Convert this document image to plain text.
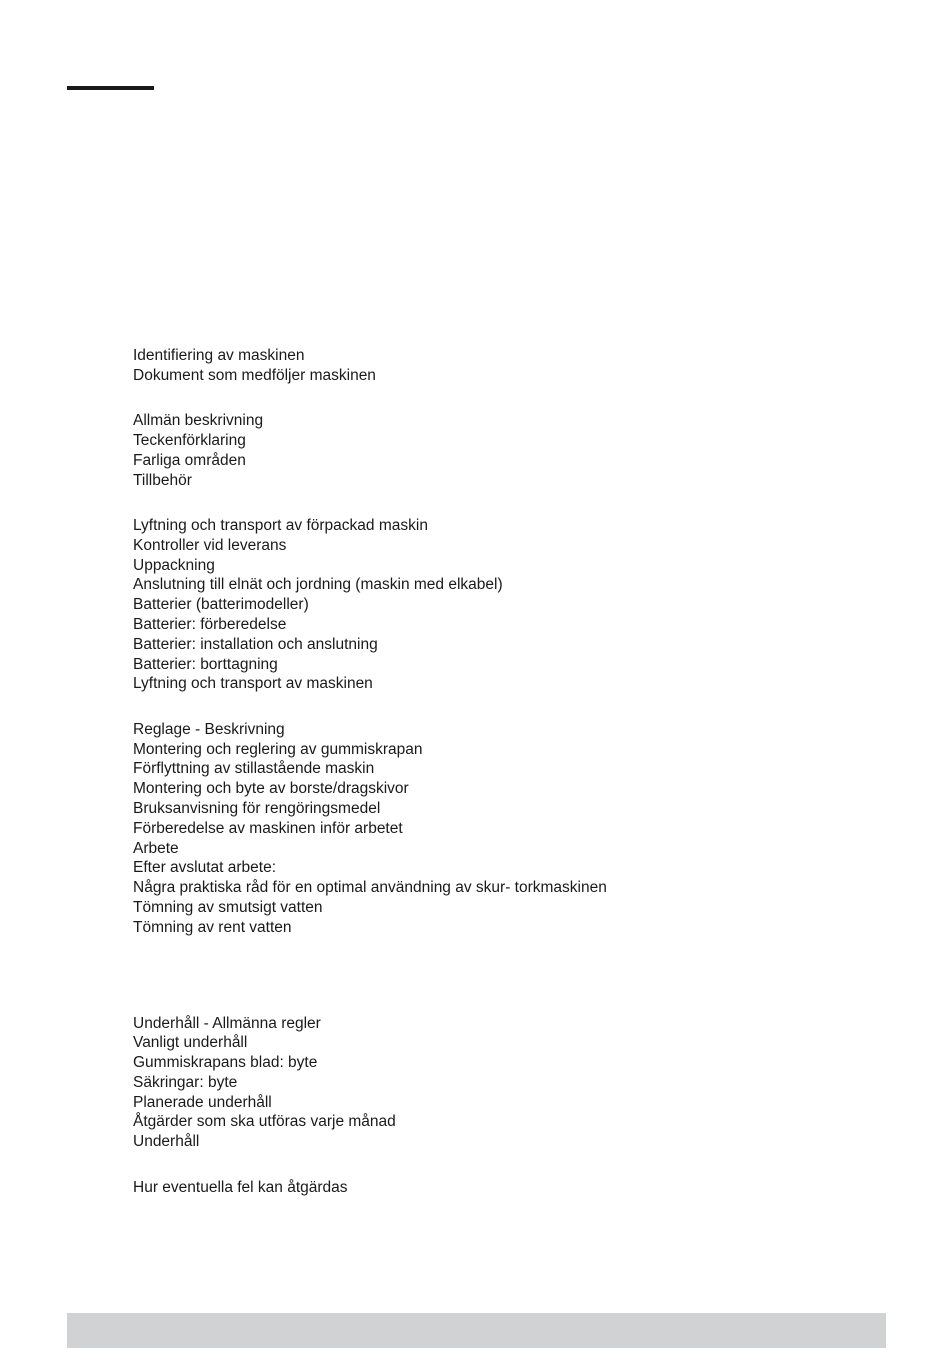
Identifiering av maskinen
Dokument som medföljer maskinen
Allmän beskrivning
Teckenförklaring
Farliga områden
Tillbehör
Lyftning och transport av förpackad maskin
Kontroller vid leverans
Uppackning
Anslutning till elnät och jordning (maskin med elkabel)
Batterier (batterimodeller)
Batterier: förberedelse
Batterier: installation och anslutning
Batterier: borttagning
Lyftning och transport av maskinen
Reglage - Beskrivning
Montering och reglering av gummiskrapan
Förflyttning av stillastående maskin
Montering och byte av borste/dragskivor
Bruksanvisning för rengöringsmedel
Förberedelse av maskinen inför arbetet
Arbete
Efter avslutat arbete:
Några praktiska råd för en optimal användning av skur- torkmaskinen
Tömning av smutsigt vatten
Tömning av rent vatten
Underhåll - Allmänna regler
Vanligt underhåll
Gummiskrapans blad: byte
Säkringar: byte
Planerade underhåll
Åtgärder som ska utföras varje månad
Underhåll
Hur eventuella fel kan åtgärdas
